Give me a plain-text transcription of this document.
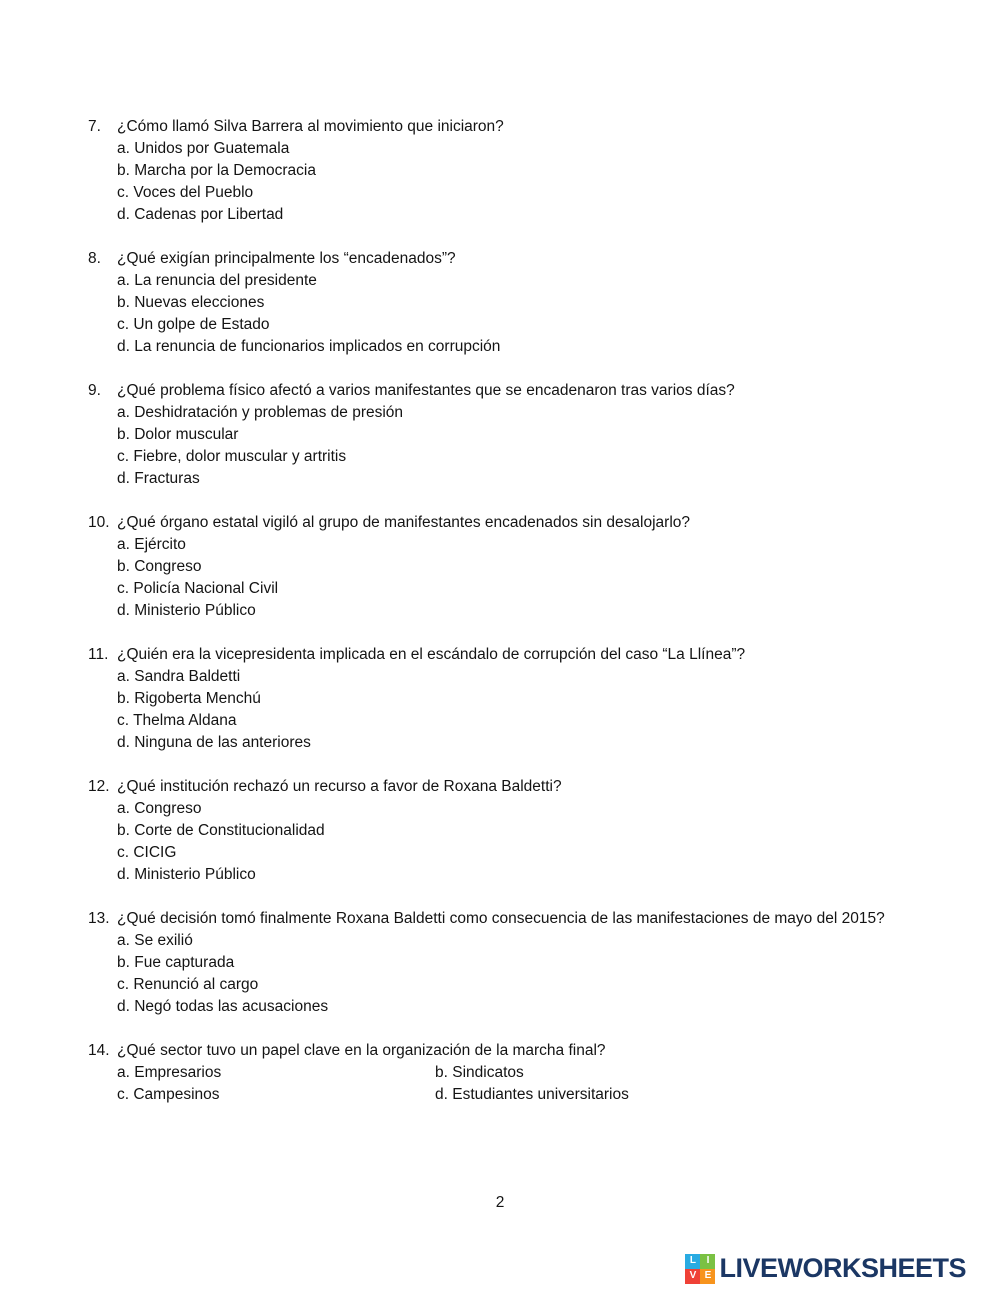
7.	¿Cómo llamó Silva Barrera al movimiento que iniciaron?
a. Unidos por Guatemala
b. Marcha por la Democracia
c. Voces del Pueblo
d. Cadenas por Libertad
8.	¿Qué exigían principalmente los “encadenados”?
a. La renuncia del presidente
b. Nuevas elecciones
c. Un golpe de Estado
d. La renuncia de funcionarios implicados en corrupción
9.	¿Qué problema físico afectó a varios manifestantes que se encadenaron tras varios días?
a. Deshidratación y problemas de presión
b. Dolor muscular
c. Fiebre, dolor muscular y artritis
d. Fracturas
10. ¿Qué órgano estatal vigiló al grupo de manifestantes encadenados sin desalojarlo?
a. Ejército
b. Congreso
c. Policía Nacional Civil
d. Ministerio Público
11. ¿Quién era la vicepresidenta implicada en el escándalo de corrupción del caso “La Llínea”?
a. Sandra Baldetti
b. Rigoberta Menchú
c. Thelma Aldana
d. Ninguna de las anteriores
12. ¿Qué institución rechazó un recurso a favor de Roxana Baldetti?
a. Congreso
b. Corte de Constitucionalidad
c. CICIG
d. Ministerio Público
13. ¿Qué decisión tomó finalmente Roxana Baldetti como consecuencia de las manifestaciones de mayo del 2015?
a. Se exilió
b. Fue capturada
c. Renunció al cargo
d. Negó todas las acusaciones
14. ¿Qué sector tuvo un papel clave en la organización de la marcha final?
a. Empresarios	b. Sindicatos
c. Campesinos	d. Estudiantes universitarios
2
L	I
V E LIVEWORKSHEETS
